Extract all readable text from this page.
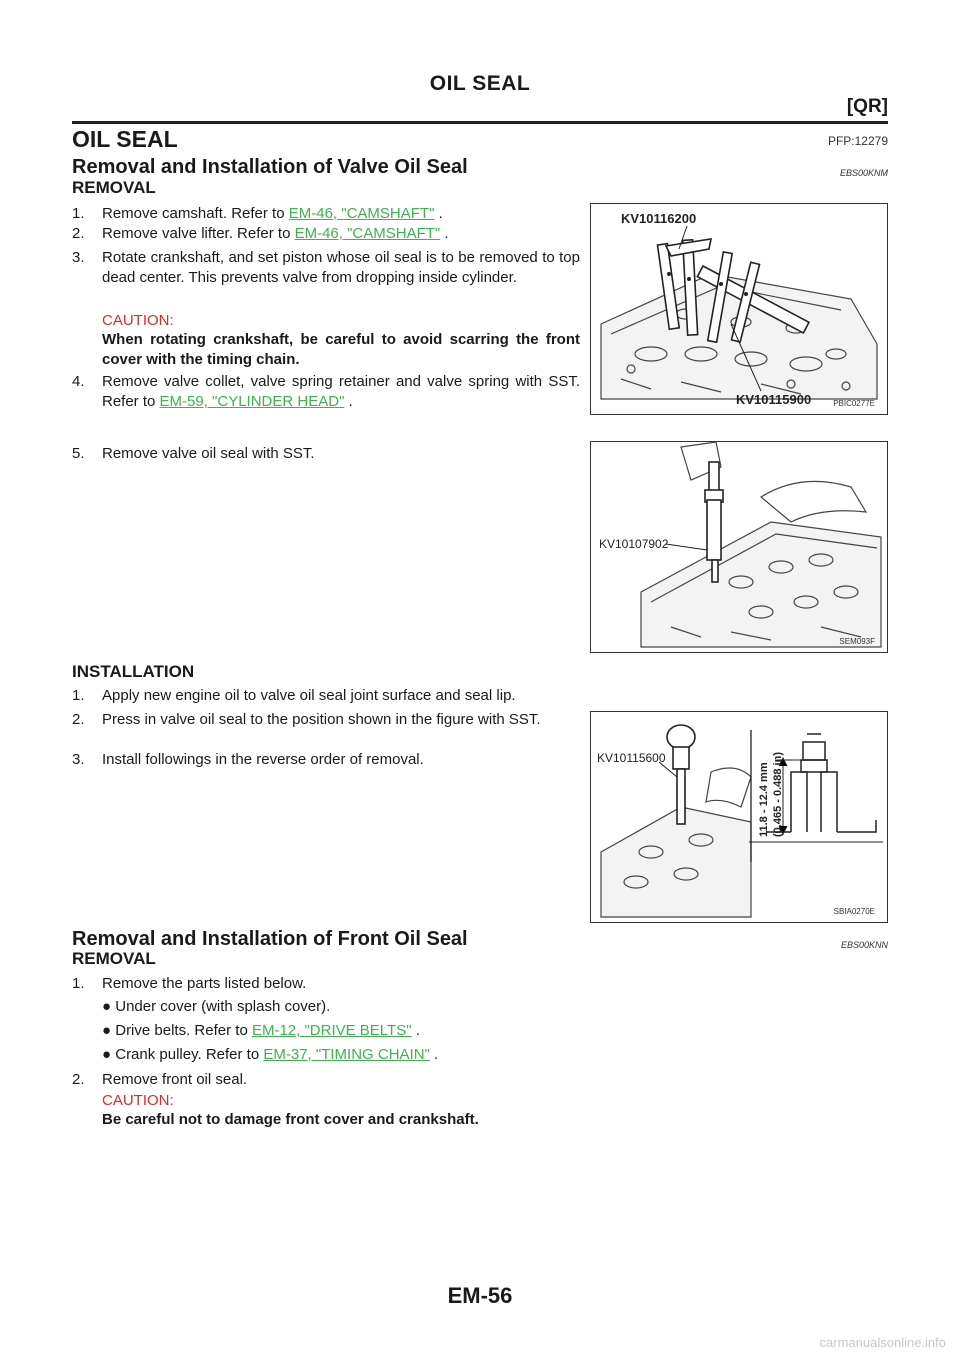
OIL SEAL
[QR]
OIL SEAL	PFP:12279
Removal and Installation of Valve Oil Seal	EBS00KNM
REMOVAL
1. Remove camshaft. Refer to EM-46, "CAMSHAFT" .
2. Remove valve lifter. Refer to EM-46, "CAMSHAFT" .
3. Rotate crankshaft, and set piston whose oil seal is to be removed to top dead center. This prevents valve from dropping inside cylinder.
CAUTION:
When rotating crankshaft, be careful to avoid scarring the front cover with the timing chain.
4. Remove valve collet, valve spring retainer and valve spring with SST. Refer to EM-59, "CYLINDER HEAD" .
5. Remove valve oil seal with SST.
INSTALLATION
1. Apply new engine oil to valve oil seal joint surface and seal lip.
2. Press in valve oil seal to the position shown in the figure with SST.
3. Install followings in the reverse order of removal.
KV10116200
KV10115900	PBIC0277E
KV10107902
SEM093F
11.8 - 12.4 mm (0.465 - 0.488 in)
KV10115600
SBIA0270E
Removal and Installation of Front Oil Seal	EBS00KNN
REMOVAL
1. Remove the parts listed below.
● Under cover (with splash cover).
● Drive belts. Refer to EM-12, "DRIVE BELTS" .
● Crank pulley. Refer to EM-37, "TIMING CHAIN" .
2. Remove front oil seal.
CAUTION:
Be careful not to damage front cover and crankshaft.
EM-56
carmanualsonline.info
